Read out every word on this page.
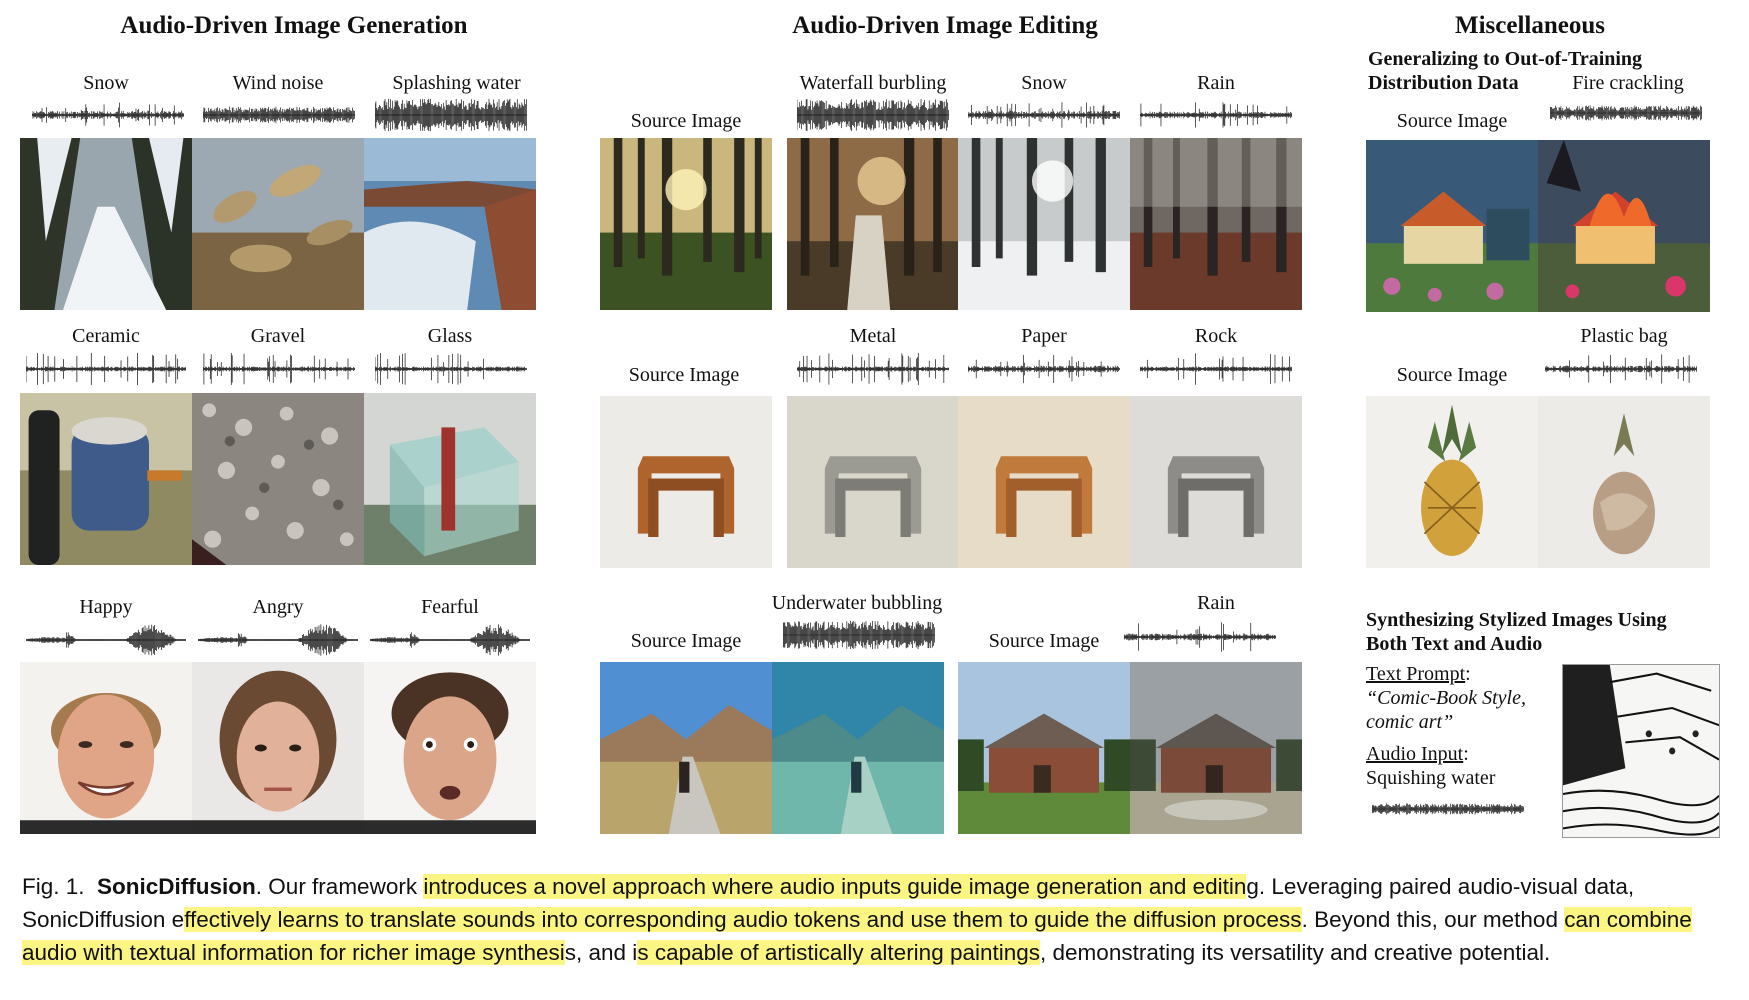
Audio-Driven Image Generation	Audio-Driven Image Editing	Miscellaneous
Snow	Wind noise	Splashing water
Ceramic	Gravel	Glass
Happy	Angry	Fearful
Waterfall burbling	Snow	Rain
Source Image
Metal	Paper	Rock
Source Image
Underwater bubbling	Rain
Source Image	Source Image
Generalizing to Out-of-Training
Distribution Data	Fire crackling
Source Image
Plastic bag
Source Image
Synthesizing Stylized Images Using
Both Text and Audio
Text Prompt:
“Comic-Book Style,
comic art”
Audio Input:
Squishing water
Fig. 1. SonicDiffusion. Our framework introduces a novel approach where audio inputs guide image generation and editing. Leveraging paired audio-visual data, SonicDiffusion effectively learns to translate sounds into corresponding audio tokens and use them to guide the diffusion process. Beyond this, our method can combine audio with textual information for richer image synthesis, and is capable of artistically altering paintings, demonstrating its versatility and creative potential.
